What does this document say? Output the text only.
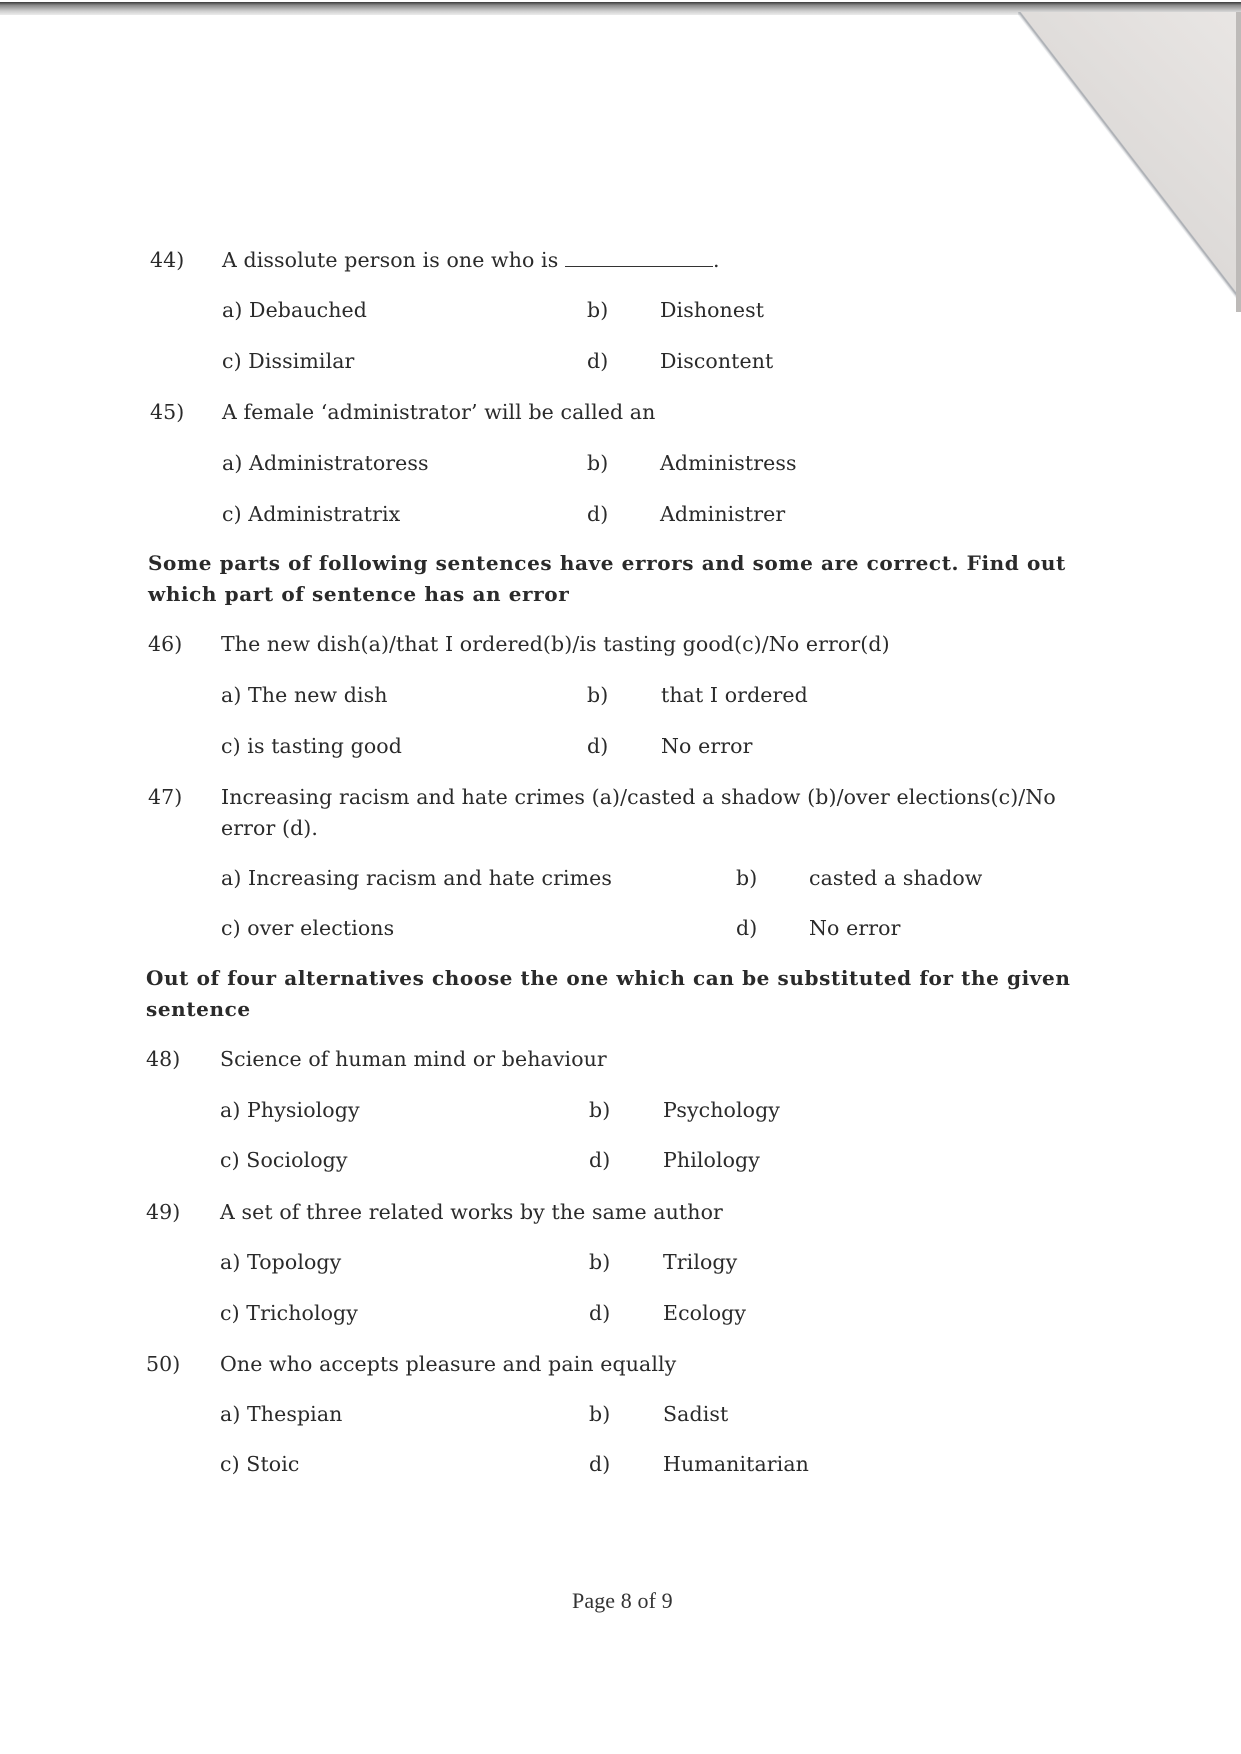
44) A dissolute person is one who is	.
a) Debauched	b)	Dishonest
c) Dissimilar	d)	Discontent
45) A female ‘administrator’ will be called an
a) Administratoress	b)	Administress
c) Administratrix	d)	Administrer
Some parts of following sentences have errors and some are correct. Find out
which part of sentence has an error
46) The new dish(a)/that I ordered(b)/is tasting good(c)/No error(d)
a) The new dish	b)	that I ordered
c) is tasting good	d)	No error
47) Increasing racism and hate crimes (a)/casted a shadow (b)/over elections(c)/No
error (d).
a) Increasing racism and hate crimes	b)	casted a shadow
c) over elections	d)	No error
Out of four alternatives choose the one which can be substituted for the given
sentence
48) Science of human mind or behaviour
a) Physiology	b)	Psychology
c) Sociology	d)	Philology
49) A set of three related works by the same author
a) Topology	b)	Trilogy
c) Trichology	d)	Ecology
50) One who accepts pleasure and pain equally
a) Thespian	b)	Sadist
c) Stoic	d)	Humanitarian
Page 8 of 9
